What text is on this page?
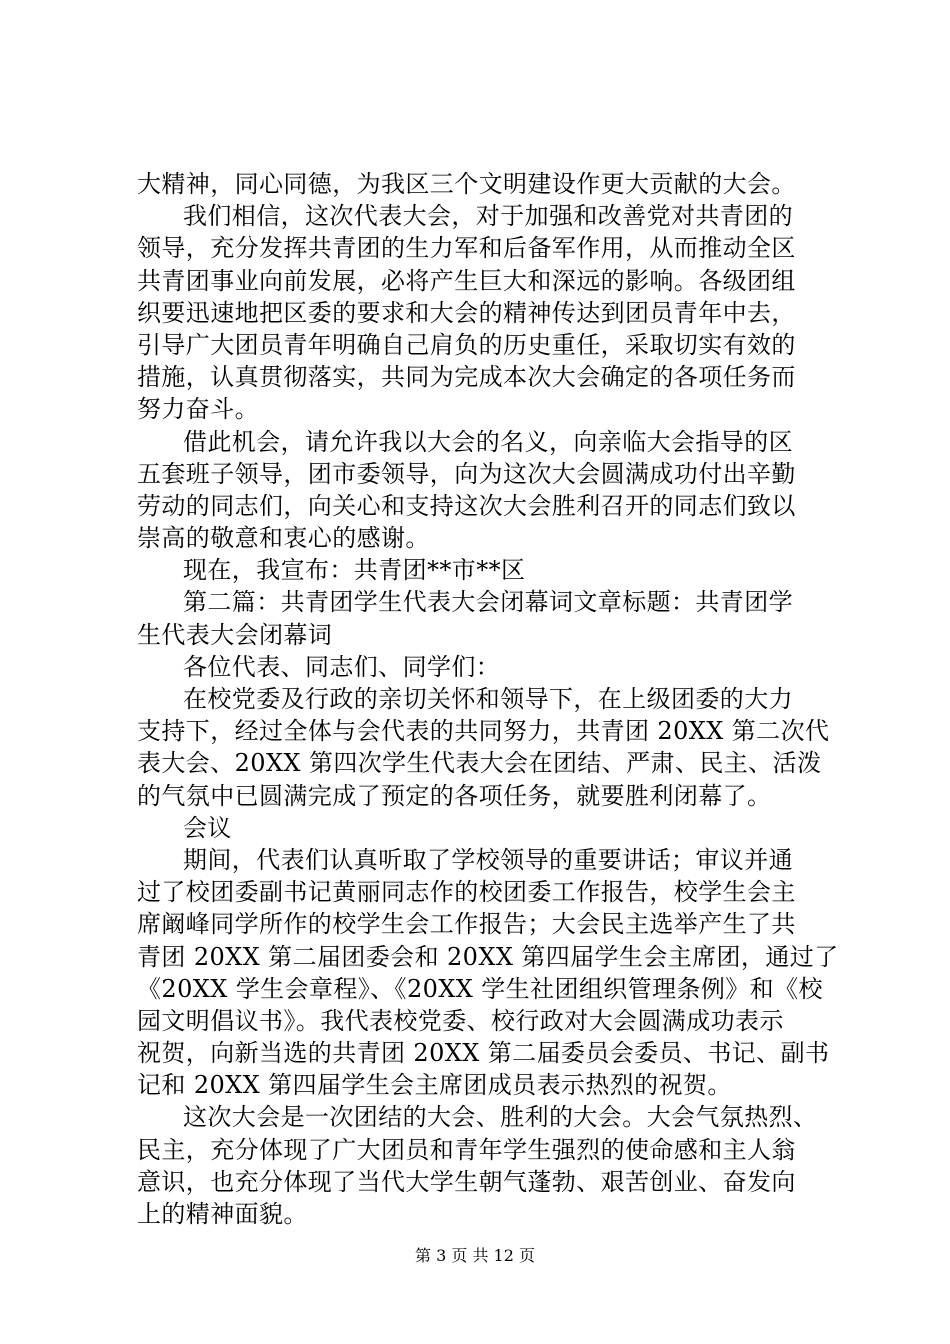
大精神，同心同德，为我区三个文明建设作更大贡献的大会。
我们相信，这次代表大会，对于加强和改善党对共青团的
领导，充分发挥共青团的生力军和后备军作用，从而推动全区
共青团事业向前发展，必将产生巨大和深远的影响。各级团组
织要迅速地把区委的要求和大会的精神传达到团员青年中去，
引导广大团员青年明确自己肩负的历史重任，采取切实有效的
措施，认真贯彻落实，共同为完成本次大会确定的各项任务而
努力奋斗。
借此机会，请允许我以大会的名义，向亲临大会指导的区
五套班子领导，团市委领导，向为这次大会圆满成功付出辛勤
劳动的同志们，向关心和支持这次大会胜利召开的同志们致以
崇高的敬意和衷心的感谢。
现在，我宣布：共青团**市**区
第二篇：共青团学生代表大会闭幕词文章标题：共青团学
生代表大会闭幕词
各位代表、同志们、同学们：
在校党委及行政的亲切关怀和领导下，在上级团委的大力
支持下，经过全体与会代表的共同努力，共青团 20XX 第二次代
表大会、20XX 第四次学生代表大会在团结、严肃、民主、活泼
的气氛中已圆满完成了预定的各项任务，就要胜利闭幕了。
会议
期间，代表们认真听取了学校领导的重要讲话；审议并通
过了校团委副书记黄丽同志作的校团委工作报告，校学生会主
席阚峰同学所作的校学生会工作报告；大会民主选举产生了共
青团 20XX 第二届团委会和 20XX 第四届学生会主席团，通过了
《20XX 学生会章程》、《20XX 学生社团组织管理条例》和《校
园文明倡议书》。我代表校党委、校行政对大会圆满成功表示
祝贺，向新当选的共青团 20XX 第二届委员会委员、书记、副书
记和 20XX 第四届学生会主席团成员表示热烈的祝贺。
这次大会是一次团结的大会、胜利的大会。大会气氛热烈、
民主，充分体现了广大团员和青年学生强烈的使命感和主人翁
意识，也充分体现了当代大学生朝气蓬勃、艰苦创业、奋发向
上的精神面貌。
第 3 页 共 12 页
